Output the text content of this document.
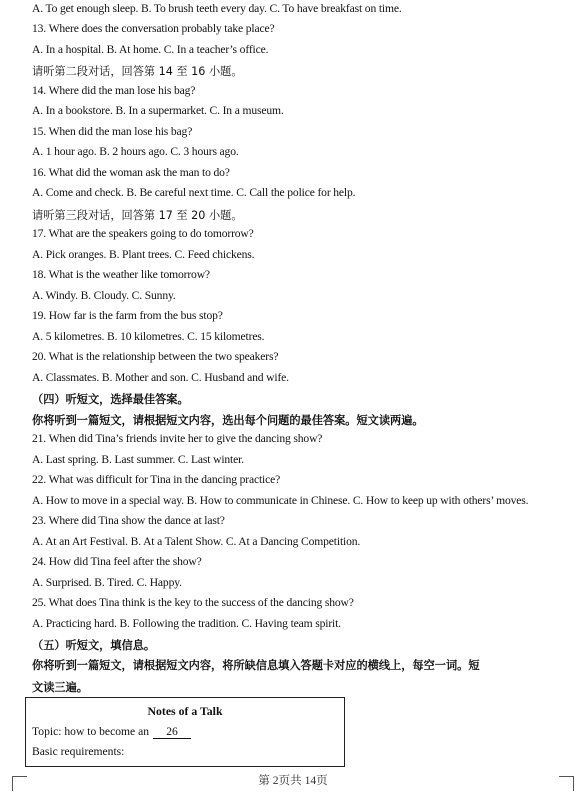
A. To get enough sleep. B. To brush teeth every day. C. To have breakfast on time.
13. Where does the conversation probably take place?
A. In a hospital. B. At home. C. In a teacher’s office.
请听第二段对话，回答第 14 至 16 小题。
14. Where did the man lose his bag?
A. In a bookstore. B. In a supermarket. C. In a museum.
15. When did the man lose his bag?
A. 1 hour ago. B. 2 hours ago. C. 3 hours ago.
16. What did the woman ask the man to do?
A. Come and check. B. Be careful next time. C. Call the police for help.
请听第三段对话，回答第 17 至 20 小题。
17. What are the speakers going to do tomorrow?
A. Pick oranges. B. Plant trees. C. Feed chickens.
18. What is the weather like tomorrow?
A. Windy. B. Cloudy. C. Sunny.
19. How far is the farm from the bus stop?
A. 5 kilometres. B. 10 kilometres. C. 15 kilometres.
20. What is the relationship between the two speakers?
A. Classmates. B. Mother and son. C. Husband and wife.
（四）听短文，选择最佳答案。
你将听到一篇短文，请根据短文内容，选出每个问题的最佳答案。短文读两遍。
21. When did Tina’s friends invite her to give the dancing show?
A. Last spring. B. Last summer. C. Last winter.
22. What was difficult for Tina in the dancing practice?
A. How to move in a special way. B. How to communicate in Chinese. C. How to keep up with others’ moves.
23. Where did Tina show the dance at last?
A. At an Art Festival. B. At a Talent Show. C. At a Dancing Competition.
24. How did Tina feel after the show?
A. Surprised. B. Tired. C. Happy.
25. What does Tina think is the key to the success of the dancing show?
A. Practicing hard. B. Following the tradition. C. Having team spirit.
（五）听短文，填信息。
你将听到一篇短文，请根据短文内容，将所缺信息填入答题卡对应的横线上，每空一词。短
文读三遍。
Notes of a Talk
Topic: how to become an 26
Basic requirements:
第 2页共 14页
